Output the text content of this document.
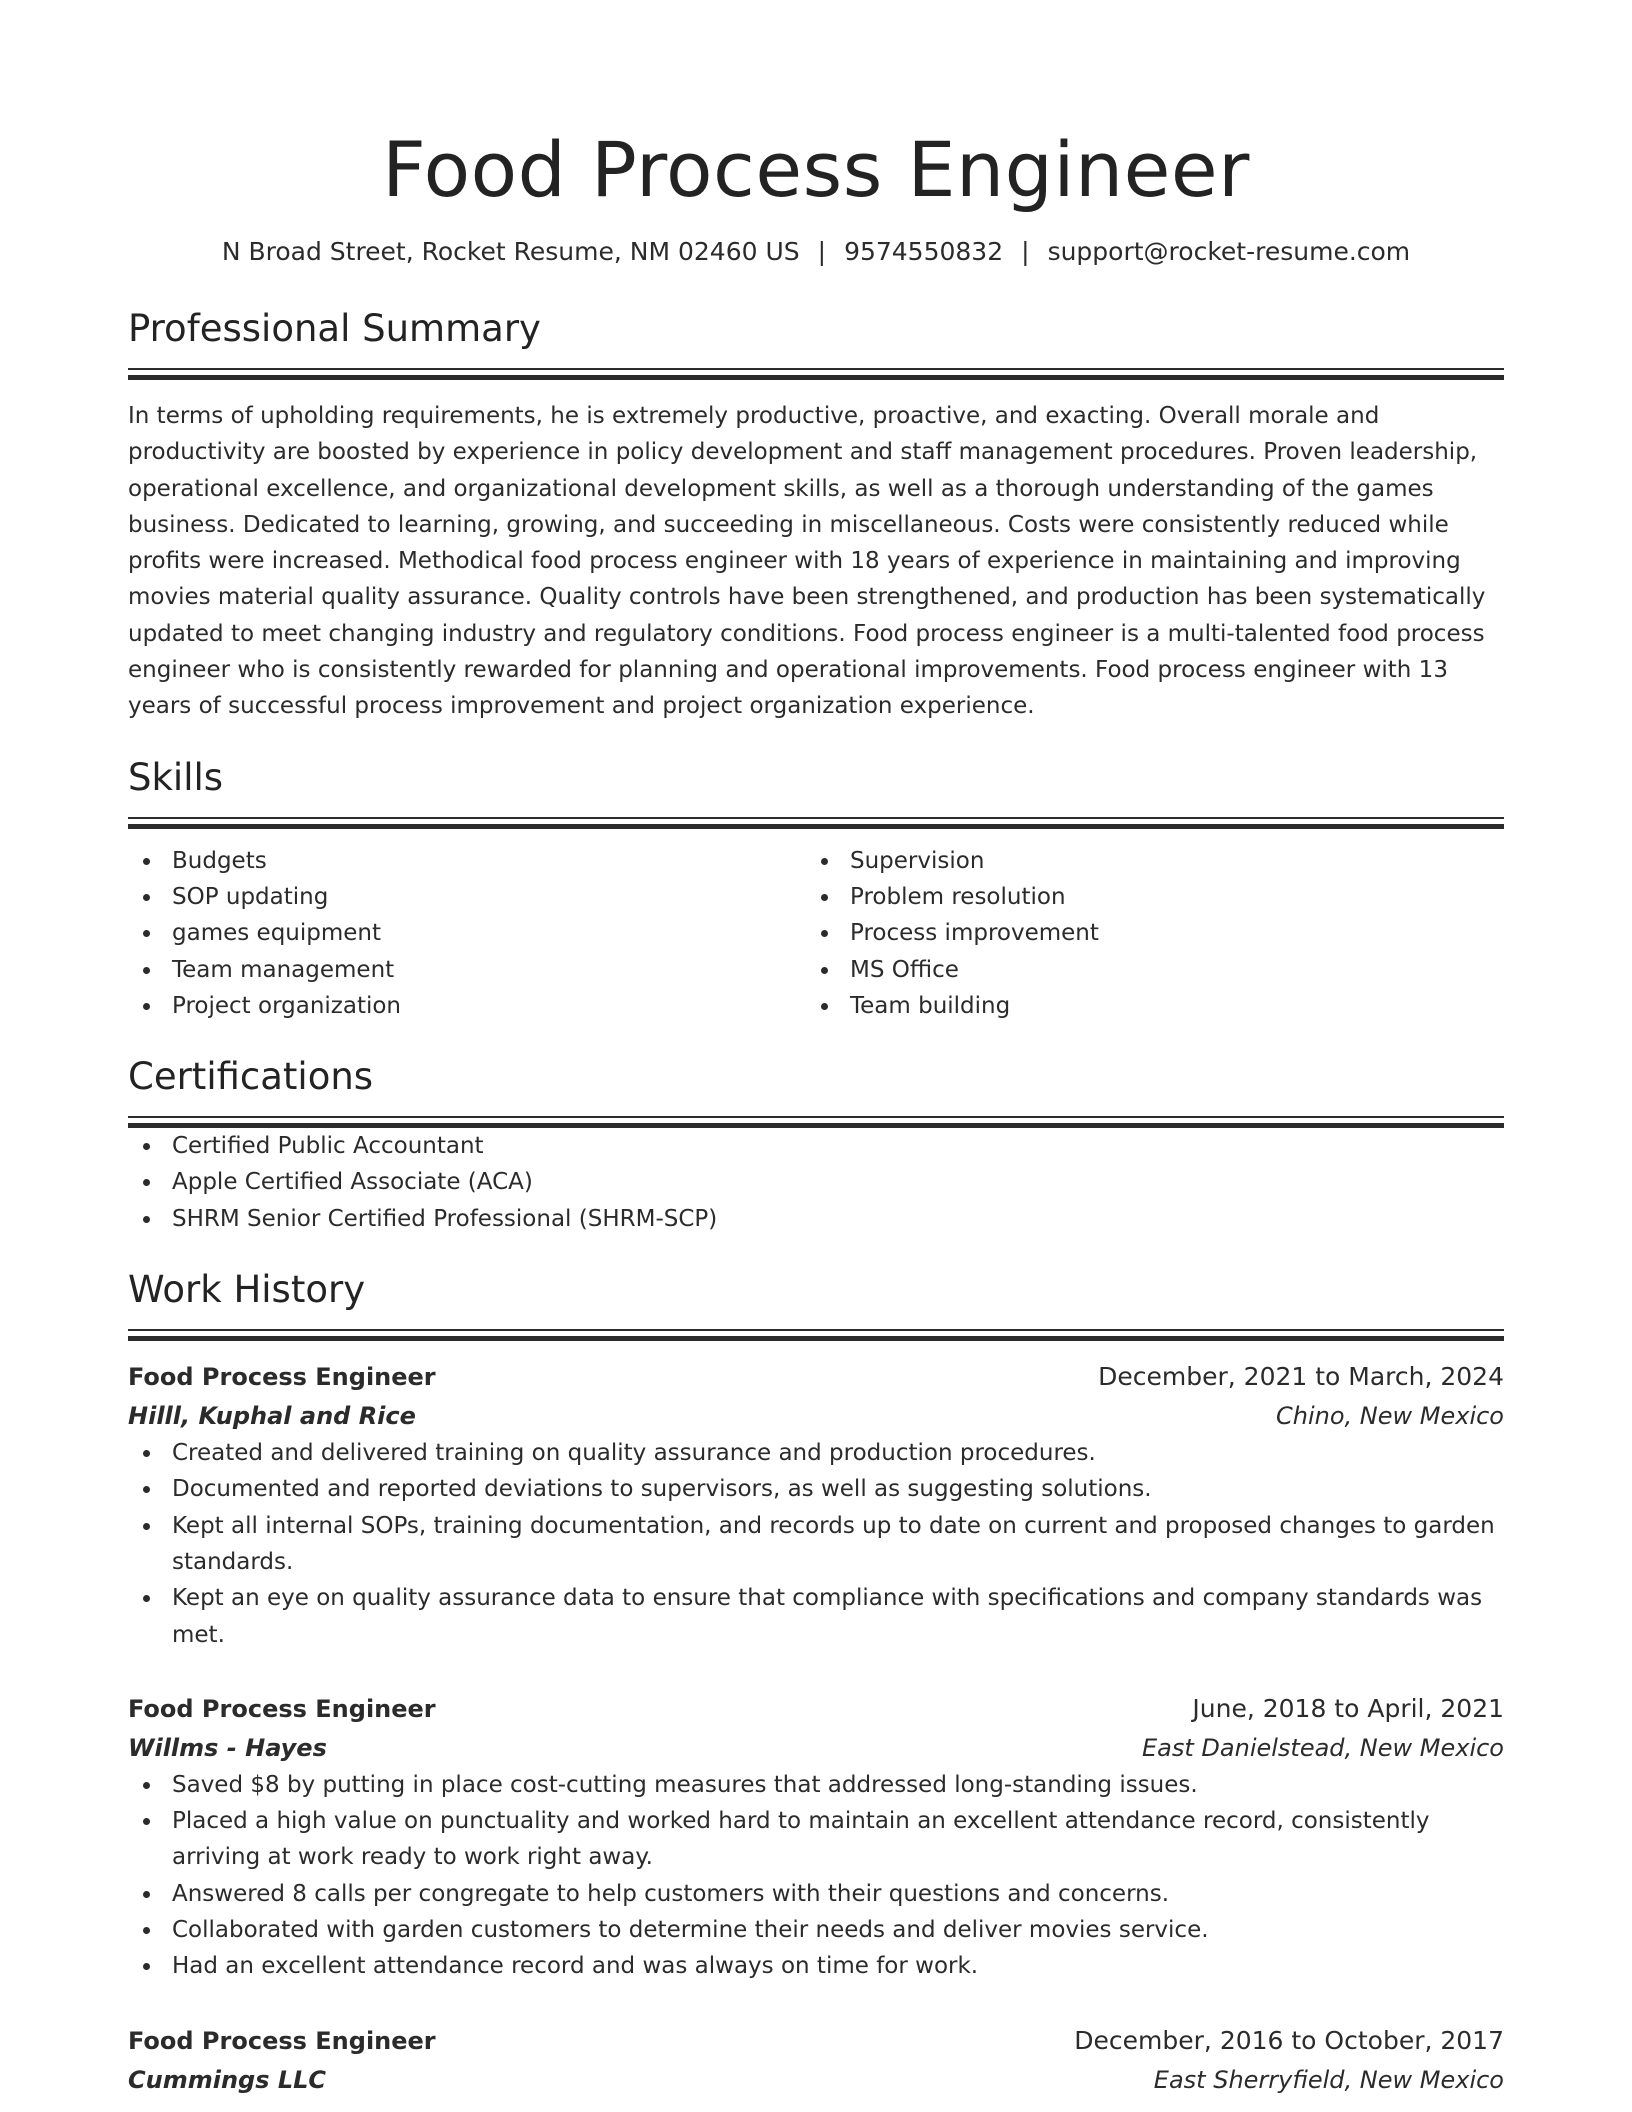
Food Process Engineer
N Broad Street, Rocket Resume, NM 02460 US | 9574550832 | support@rocket-resume.com
Professional Summary

In terms of upholding requirements, he is extremely productive, proactive, and exacting. Overall morale and productivity are boosted by experience in policy development and staff management procedures. Proven leadership, operational excellence, and organizational development skills, as well as a thorough understanding of the games business. Dedicated to learning, growing, and succeeding in miscellaneous. Costs were consistently reduced while profits were increased. Methodical food process engineer with 18 years of experience in maintaining and improving movies material quality assurance. Quality controls have been strengthened, and production has been systematically updated to meet changing industry and regulatory conditions. Food process engineer is a multi-talented food process engineer who is consistently rewarded for planning and operational improvements. Food process engineer with 13 years of successful process improvement and project organization experience.

Skills
Budgets
SOP updating
games equipment
Team management
Project organization
Supervision
Problem resolution
Process improvement
MS Office
Team building
Certifications
Certified Public Accountant
Apple Certified Associate (ACA)
SHRM Senior Certified Professional (SHRM-SCP)
Work History
Food Process Engineer	December, 2021 to March, 2024
Hilll, Kuphal and Rice	Chino, New Mexico
Created and delivered training on quality assurance and production procedures.
Documented and reported deviations to supervisors, as well as suggesting solutions.
Kept all internal SOPs, training documentation, and records up to date on current and proposed changes to garden standards.
Kept an eye on quality assurance data to ensure that compliance with specifications and company standards was met.
Food Process Engineer	June, 2018 to April, 2021
Willms - Hayes	East Danielstead, New Mexico
Saved $8 by putting in place cost-cutting measures that addressed long-standing issues.
Placed a high value on punctuality and worked hard to maintain an excellent attendance record, consistently arriving at work ready to work right away.
Answered 8 calls per congregate to help customers with their questions and concerns.
Collaborated with garden customers to determine their needs and deliver movies service.
Had an excellent attendance record and was always on time for work.
Food Process Engineer	December, 2016 to October, 2017
Cummings LLC	East Sherryfield, New Mexico
